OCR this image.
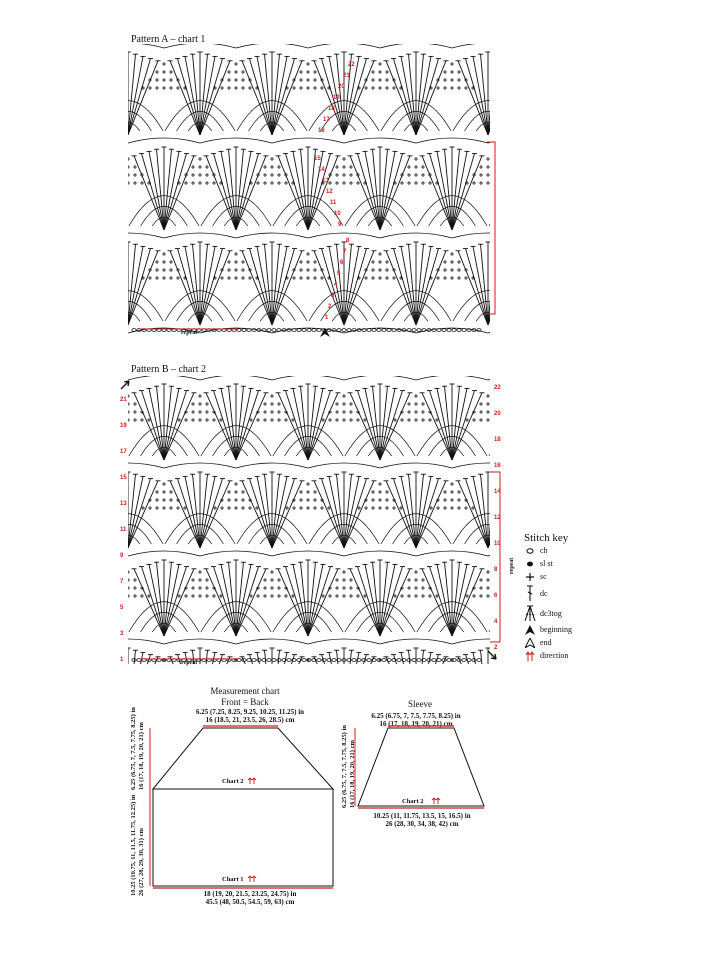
Pattern A – chart 1
22
21
20
19
18
17
16
15
14
13
12
11
10
9
8
7
6
5
4
3
2
1
repeat
Pattern B – chart 2
repeat
21
19
17
15
13
11
9
7
5
3
1
22
20
18
16
14
12
10
8
6
4
2
repeat
Stitch key
ch
sl st
sc
dc
dc3tog
beginning
end
direction
Measurement chart
Front = Back
6.25 (7.25, 8.25, 9.25, 10.25, 11.25) in
16 (18.5, 21, 23.5, 26, 28.5) cm
Chart 2
Chart 1
6.25 (6.75, 7, 7.5, 7.75, 8.25) in 16 (17, 18, 19, 20, 21) cm
10.25 (10.75, 11, 11.5, 11.75, 12.25) in 26 (27, 28, 29, 30, 31) cm	18 (19, 20, 21.5, 23.25, 24.75) in
45.5 (48, 50.5, 54.5, 59, 63) cm
Sleeve
6.25 (6.75, 7, 7.5, 7.75, 8.25) in
16 (17, 18, 19, 20, 21) cm
Chart 2
6.25 (6.75, 7, 7.5, 7.75, 8.25) in 16 (17, 18, 19, 20, 21) cm
10.25 (11, 11.75, 13.5, 15, 16.5) in
26 (28, 30, 34, 38, 42) cm
